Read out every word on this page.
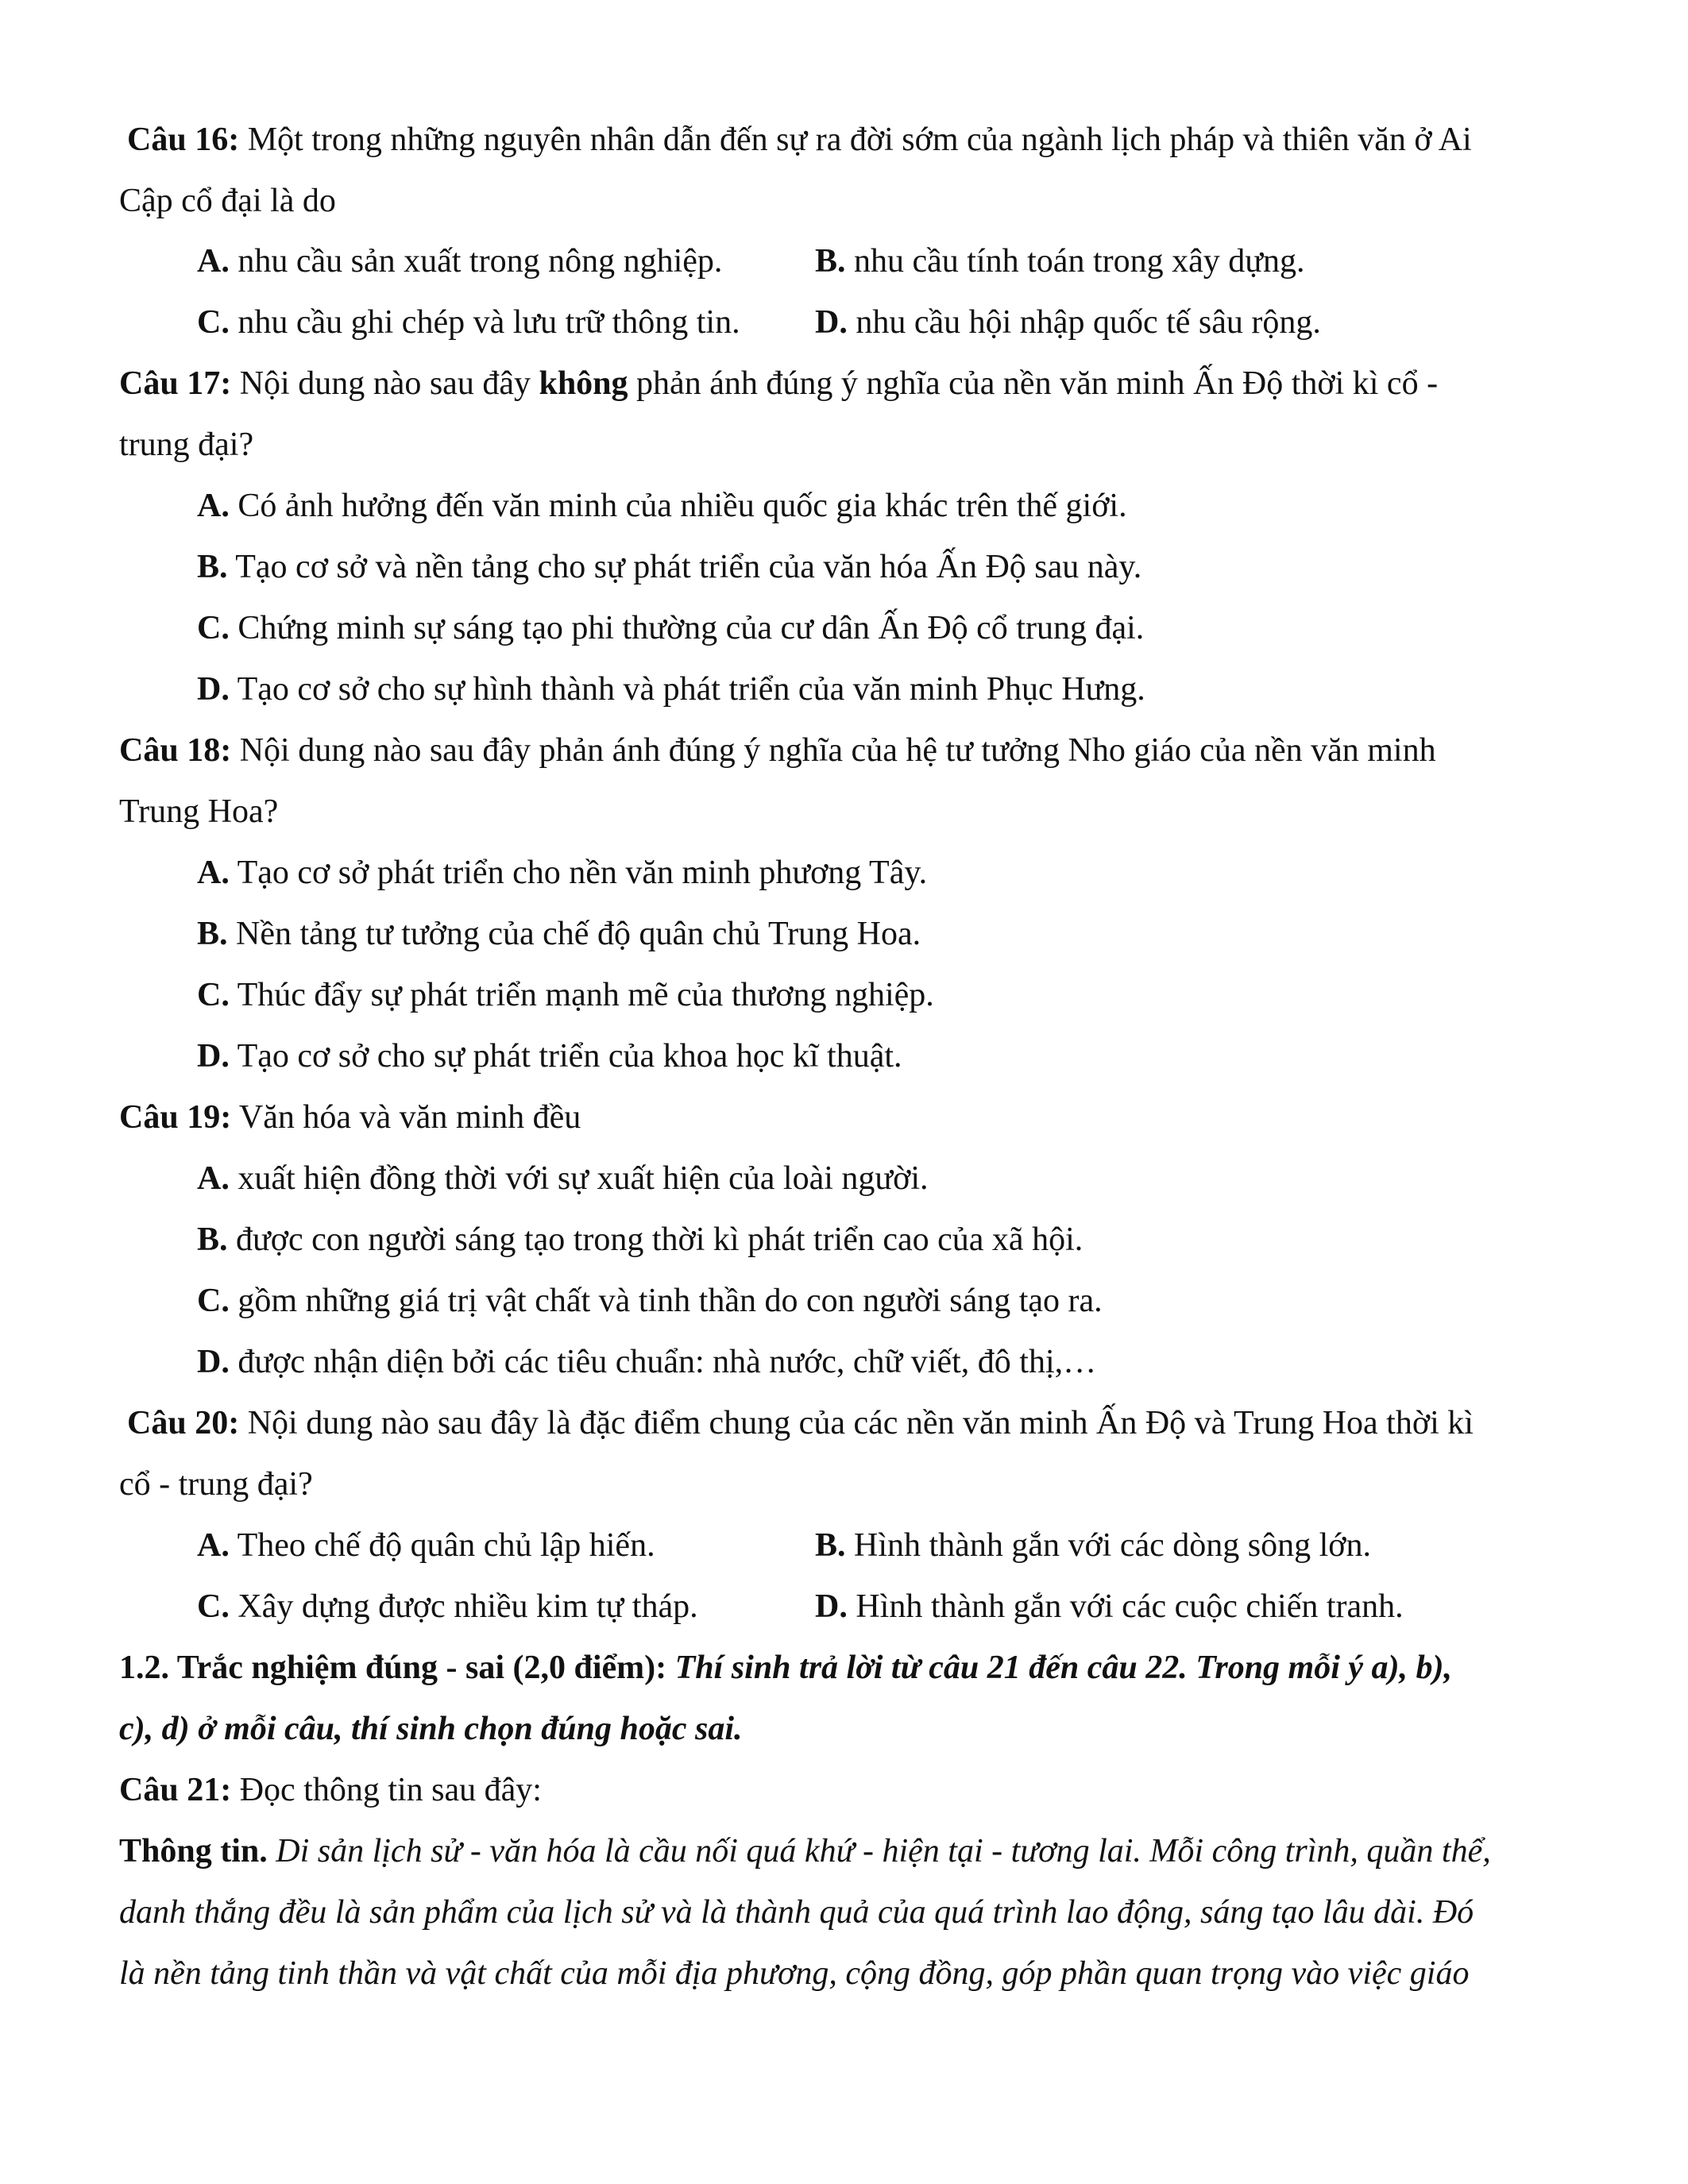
Câu 16: Một trong những nguyên nhân dẫn đến sự ra đời sớm của ngành lịch pháp và thiên văn ở Ai
Cập cổ đại là do
A. nhu cầu sản xuất trong nông nghiệp.	B. nhu cầu tính toán trong xây dựng.
C. nhu cầu ghi chép và lưu trữ thông tin. D. nhu cầu hội nhập quốc tế sâu rộng.
Câu 17: Nội dung nào sau đây không phản ánh đúng ý nghĩa của nền văn minh Ấn Độ thời kì cổ -
trung đại?
A. Có ảnh hưởng đến văn minh của nhiều quốc gia khác trên thế giới.
B. Tạo cơ sở và nền tảng cho sự phát triển của văn hóa Ấn Độ sau này.
C. Chứng minh sự sáng tạo phi thường của cư dân Ấn Độ cổ trung đại.
D. Tạo cơ sở cho sự hình thành và phát triển của văn minh Phục Hưng.
Câu 18: Nội dung nào sau đây phản ánh đúng ý nghĩa của hệ tư tưởng Nho giáo của nền văn minh
Trung Hoa?
A. Tạo cơ sở phát triển cho nền văn minh phương Tây.
B. Nền tảng tư tưởng của chế độ quân chủ Trung Hoa.
C. Thúc đẩy sự phát triển mạnh mẽ của thương nghiệp.
D. Tạo cơ sở cho sự phát triển của khoa học kĩ thuật.
Câu 19: Văn hóa và văn minh đều
A. xuất hiện đồng thời với sự xuất hiện của loài người.
B. được con người sáng tạo trong thời kì phát triển cao của xã hội.
C. gồm những giá trị vật chất và tinh thần do con người sáng tạo ra.
D. được nhận diện bởi các tiêu chuẩn: nhà nước, chữ viết, đô thị,…
Câu 20: Nội dung nào sau đây là đặc điểm chung của các nền văn minh Ấn Độ và Trung Hoa thời kì
cổ - trung đại?
A. Theo chế độ quân chủ lập hiến.	B. Hình thành gắn với các dòng sông lớn.
C. Xây dựng được nhiều kim tự tháp.	D. Hình thành gắn với các cuộc chiến tranh.
1.2. Trắc nghiệm đúng - sai (2,0 điểm): Thí sinh trả lời từ câu 21 đến câu 22. Trong mỗi ý a), b),
c), d) ở mỗi câu, thí sinh chọn đúng hoặc sai.
Câu 21: Đọc thông tin sau đây:
Thông tin. Di sản lịch sử - văn hóa là cầu nối quá khứ - hiện tại - tương lai. Mỗi công trình, quần thể,
danh thắng đều là sản phẩm của lịch sử và là thành quả của quá trình lao động, sáng tạo lâu dài. Đó
là nền tảng tinh thần và vật chất của mỗi địa phương, cộng đồng, góp phần quan trọng vào việc giáo
